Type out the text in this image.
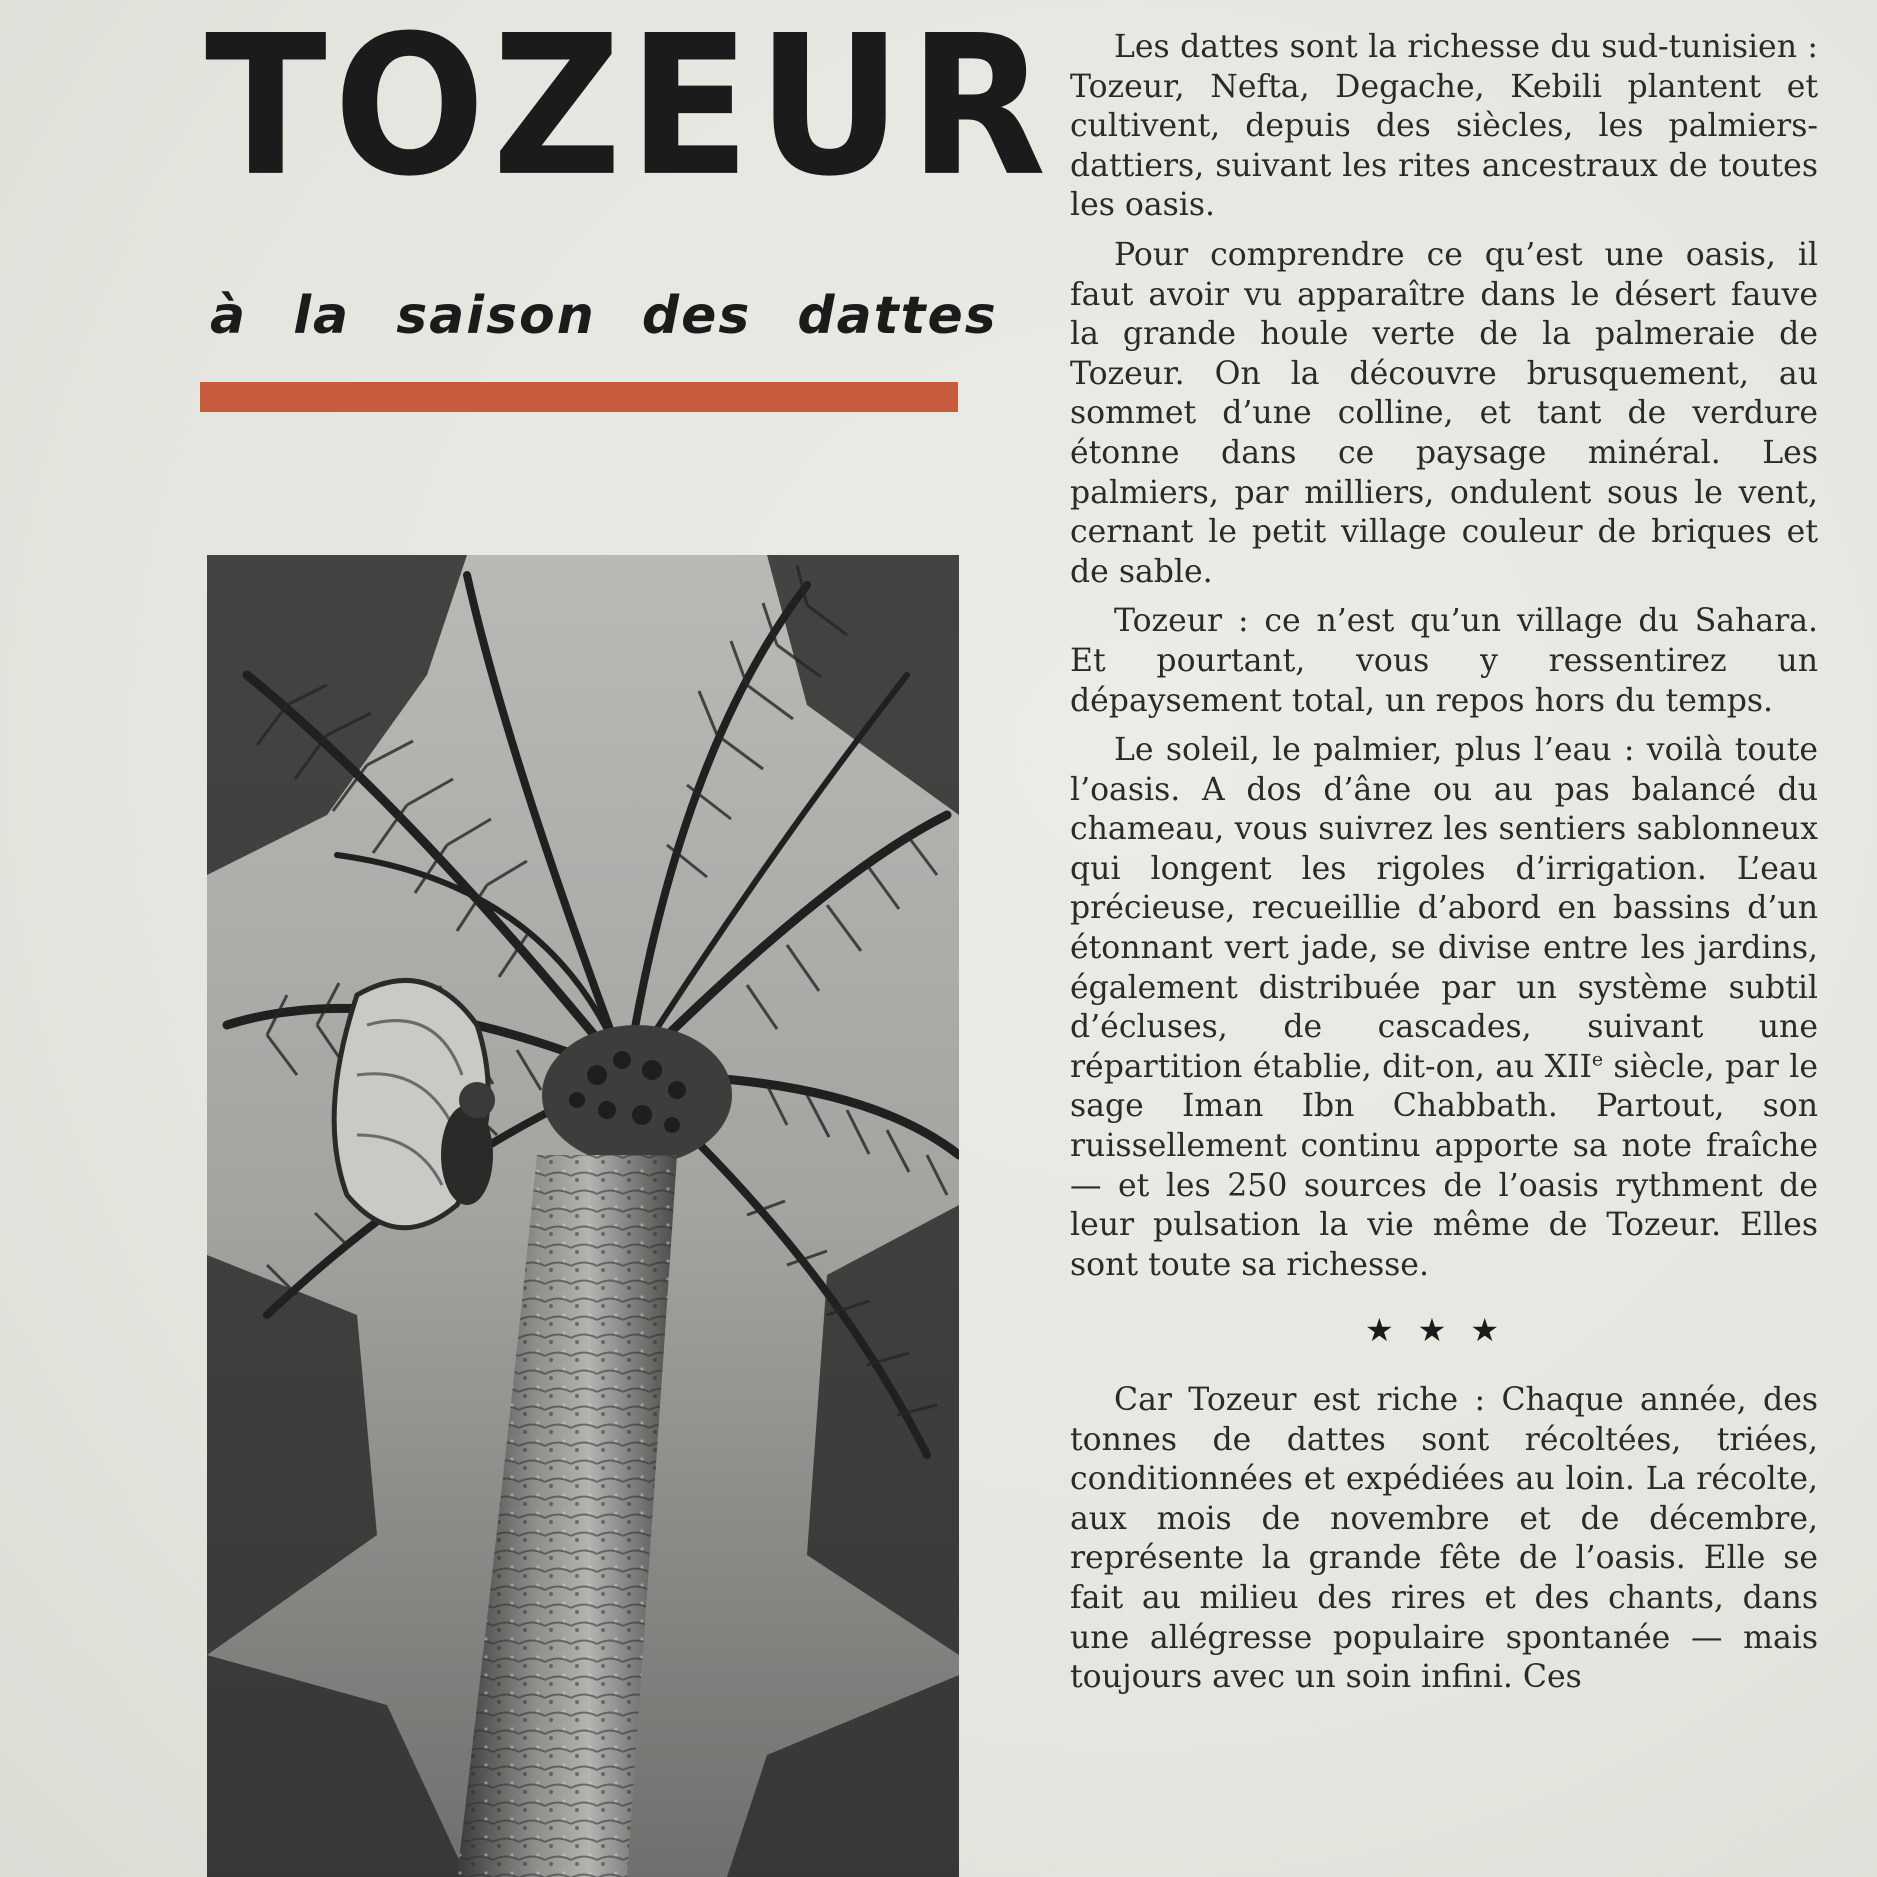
TOZEUR
à la saison des dattes

Les dattes sont la richesse du sud-tunisien : Tozeur, Nefta, Degache, Kebili plantent et cultivent, depuis des siècles, les palmiers-dattiers, suivant les rites ancestraux de toutes les oasis.

Pour comprendre ce qu’est une oasis, il faut avoir vu apparaître dans le désert fauve la grande houle verte de la palmeraie de Tozeur. On la découvre brusquement, au sommet d’une colline, et tant de verdure étonne dans ce paysage minéral. Les palmiers, par milliers, ondulent sous le vent, cernant le petit village couleur de briques et de sable.

Tozeur : ce n’est qu’un village du Sahara. Et pourtant, vous y ressentirez un dépaysement total, un repos hors du temps.

Le soleil, le palmier, plus l’eau : voilà toute l’oasis. A dos d’âne ou au pas balancé du chameau, vous suivrez les sentiers sablonneux qui longent les rigoles d’irrigation. L’eau précieuse, recueillie d’abord en bassins d’un étonnant vert jade, se divise entre les jardins, également distribuée par un système subtil d’écluses, de cascades, suivant une répartition établie, dit-on, au XIIe siècle, par le sage Iman Ibn Chabbath. Partout, son ruissellement continu apporte sa note fraîche — et les 250 sources de l’oasis rythment de leur pulsation la vie même de Tozeur. Elles sont toute sa richesse.

★★★

Car Tozeur est riche : Chaque année, des tonnes de dattes sont récoltées, triées, conditionnées et expédiées au loin. La récolte, aux mois de novembre et de décembre, représente la grande fête de l’oasis. Elle se fait au milieu des rires et des chants, dans une allégresse populaire spontanée — mais toujours avec un soin infini. Ces
